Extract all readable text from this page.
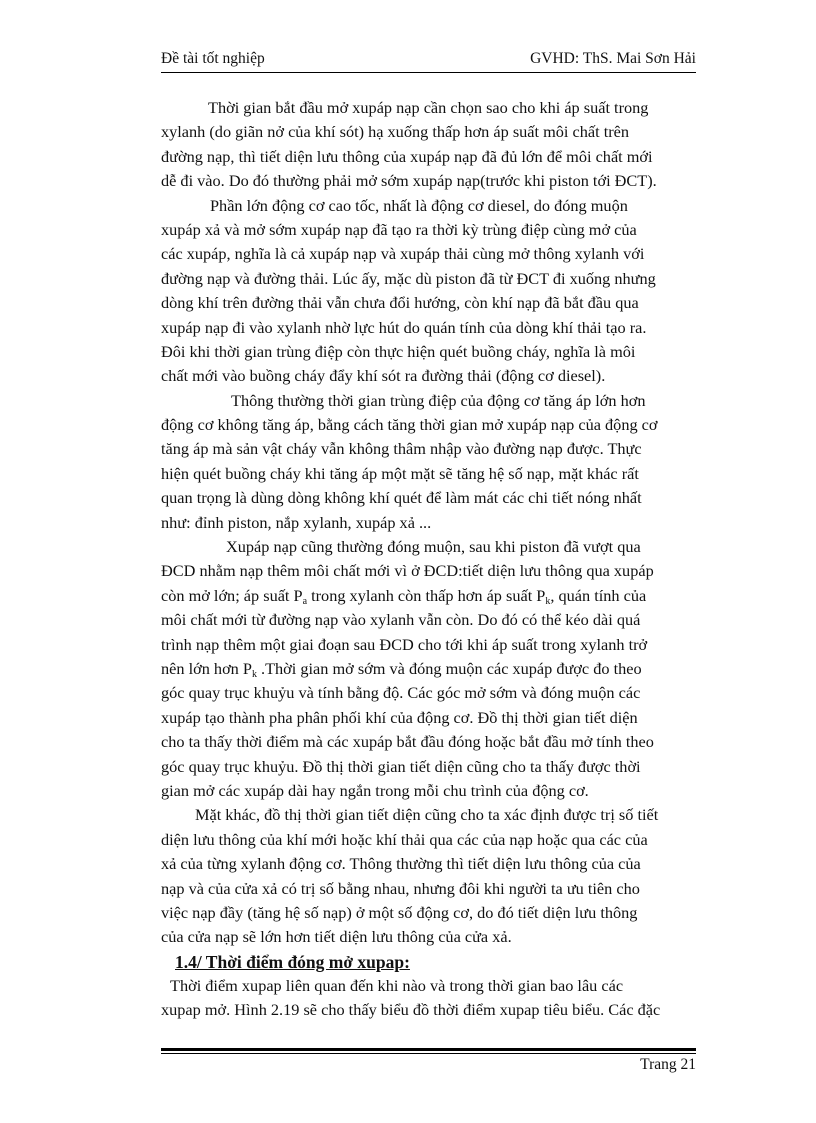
Đề tài tốt nghiệp	GVHD: ThS. Mai Sơn Hải
Thời gian bắt đầu mở xupáp nạp cần chọn sao cho khi áp suất trong
xylanh (do giãn nở của khí sót) hạ xuống thấp hơn áp suất môi chất trên
đường nạp, thì tiết diện lưu thông của xupáp nạp đã đủ lớn để môi chất mới
dễ đi vào. Do đó thường phải mở sớm xupáp nạp(trước khi piston tới ĐCT).
Phần lớn động cơ cao tốc, nhất là động cơ diesel, do đóng muộn
xupáp xả và mở sớm xupáp nạp đã tạo ra thời kỳ trùng điệp cùng mở của
các xupáp, nghĩa là cả xupáp nạp và xupáp thải cùng mở thông xylanh với
đường nạp và đường thải. Lúc ấy, mặc dù piston đã từ ĐCT đi xuống nhưng
dòng khí trên đường thải vẫn chưa đổi hướng, còn khí nạp đã bắt đầu qua
xupáp nạp đi vào xylanh nhờ lực hút do quán tính của dòng khí thải tạo ra.
Đôi khi thời gian trùng điệp còn thực hiện quét buồng cháy, nghĩa là môi
chất mới vào buồng cháy đẩy khí sót ra đường thải (động cơ diesel).
Thông thường thời gian trùng điệp của động cơ tăng áp lớn hơn
động cơ không tăng áp, bằng cách tăng thời gian mở xupáp nạp của động cơ
tăng áp mà sản vật cháy vẫn không thâm nhập vào đường nạp được. Thực
hiện quét buồng cháy khi tăng áp một mặt sẽ tăng hệ số nạp, mặt khác rất
quan trọng là dùng dòng không khí quét để làm mát các chi tiết nóng nhất
như: đỉnh piston, nắp xylanh, xupáp xả ...
Xupáp nạp cũng thường đóng muộn, sau khi piston đã vượt qua
ĐCD nhằm nạp thêm môi chất mới vì ở ĐCD:tiết diện lưu thông qua xupáp
còn mở lớn; áp suất $P_a$ trong xylanh còn thấp hơn áp suất $P_k$, quán tính của
môi chất mới từ đường nạp vào xylanh vẫn còn. Do đó có thể kéo dài quá
trình nạp thêm một giai đoạn sau ĐCD cho tới khi áp suất trong xylanh trở
nên lớn hơn $P_k$ .Thời gian mở sớm và đóng muộn các xupáp được đo theo
góc quay trục khuỷu và tính bằng độ. Các góc mở sớm và đóng muộn các
xupáp tạo thành pha phân phối khí của động cơ. Đồ thị thời gian tiết diện
cho ta thấy thời điểm mà các xupáp bắt đầu đóng hoặc bắt đầu mở tính theo
góc quay trục khuỷu. Đồ thị thời gian tiết diện cũng cho ta thấy được thời
gian mở các xupáp dài hay ngắn trong mỗi chu trình của động cơ.
Mặt khác, đồ thị thời gian tiết diện cũng cho ta xác định được trị số tiết
diện lưu thông của khí mới hoặc khí thải qua các của nạp hoặc qua các của
xả của từng xylanh động cơ. Thông thường thì tiết diện lưu thông của của
nạp và của cửa xả có trị số bằng nhau, nhưng đôi khi người ta ưu tiên cho
việc nạp đầy (tăng hệ số nạp) ở một số động cơ, do đó tiết diện lưu thông
của cửa nạp sẽ lớn hơn tiết diện lưu thông của cửa xả.
1.4/ Thời điểm đóng mở xupap:
Thời điểm xupap liên quan đến khi nào và trong thời gian bao lâu các
xupap mở. Hình 2.19 sẽ cho thấy biểu đồ thời điểm xupap tiêu biểu. Các đặc
Trang 21
